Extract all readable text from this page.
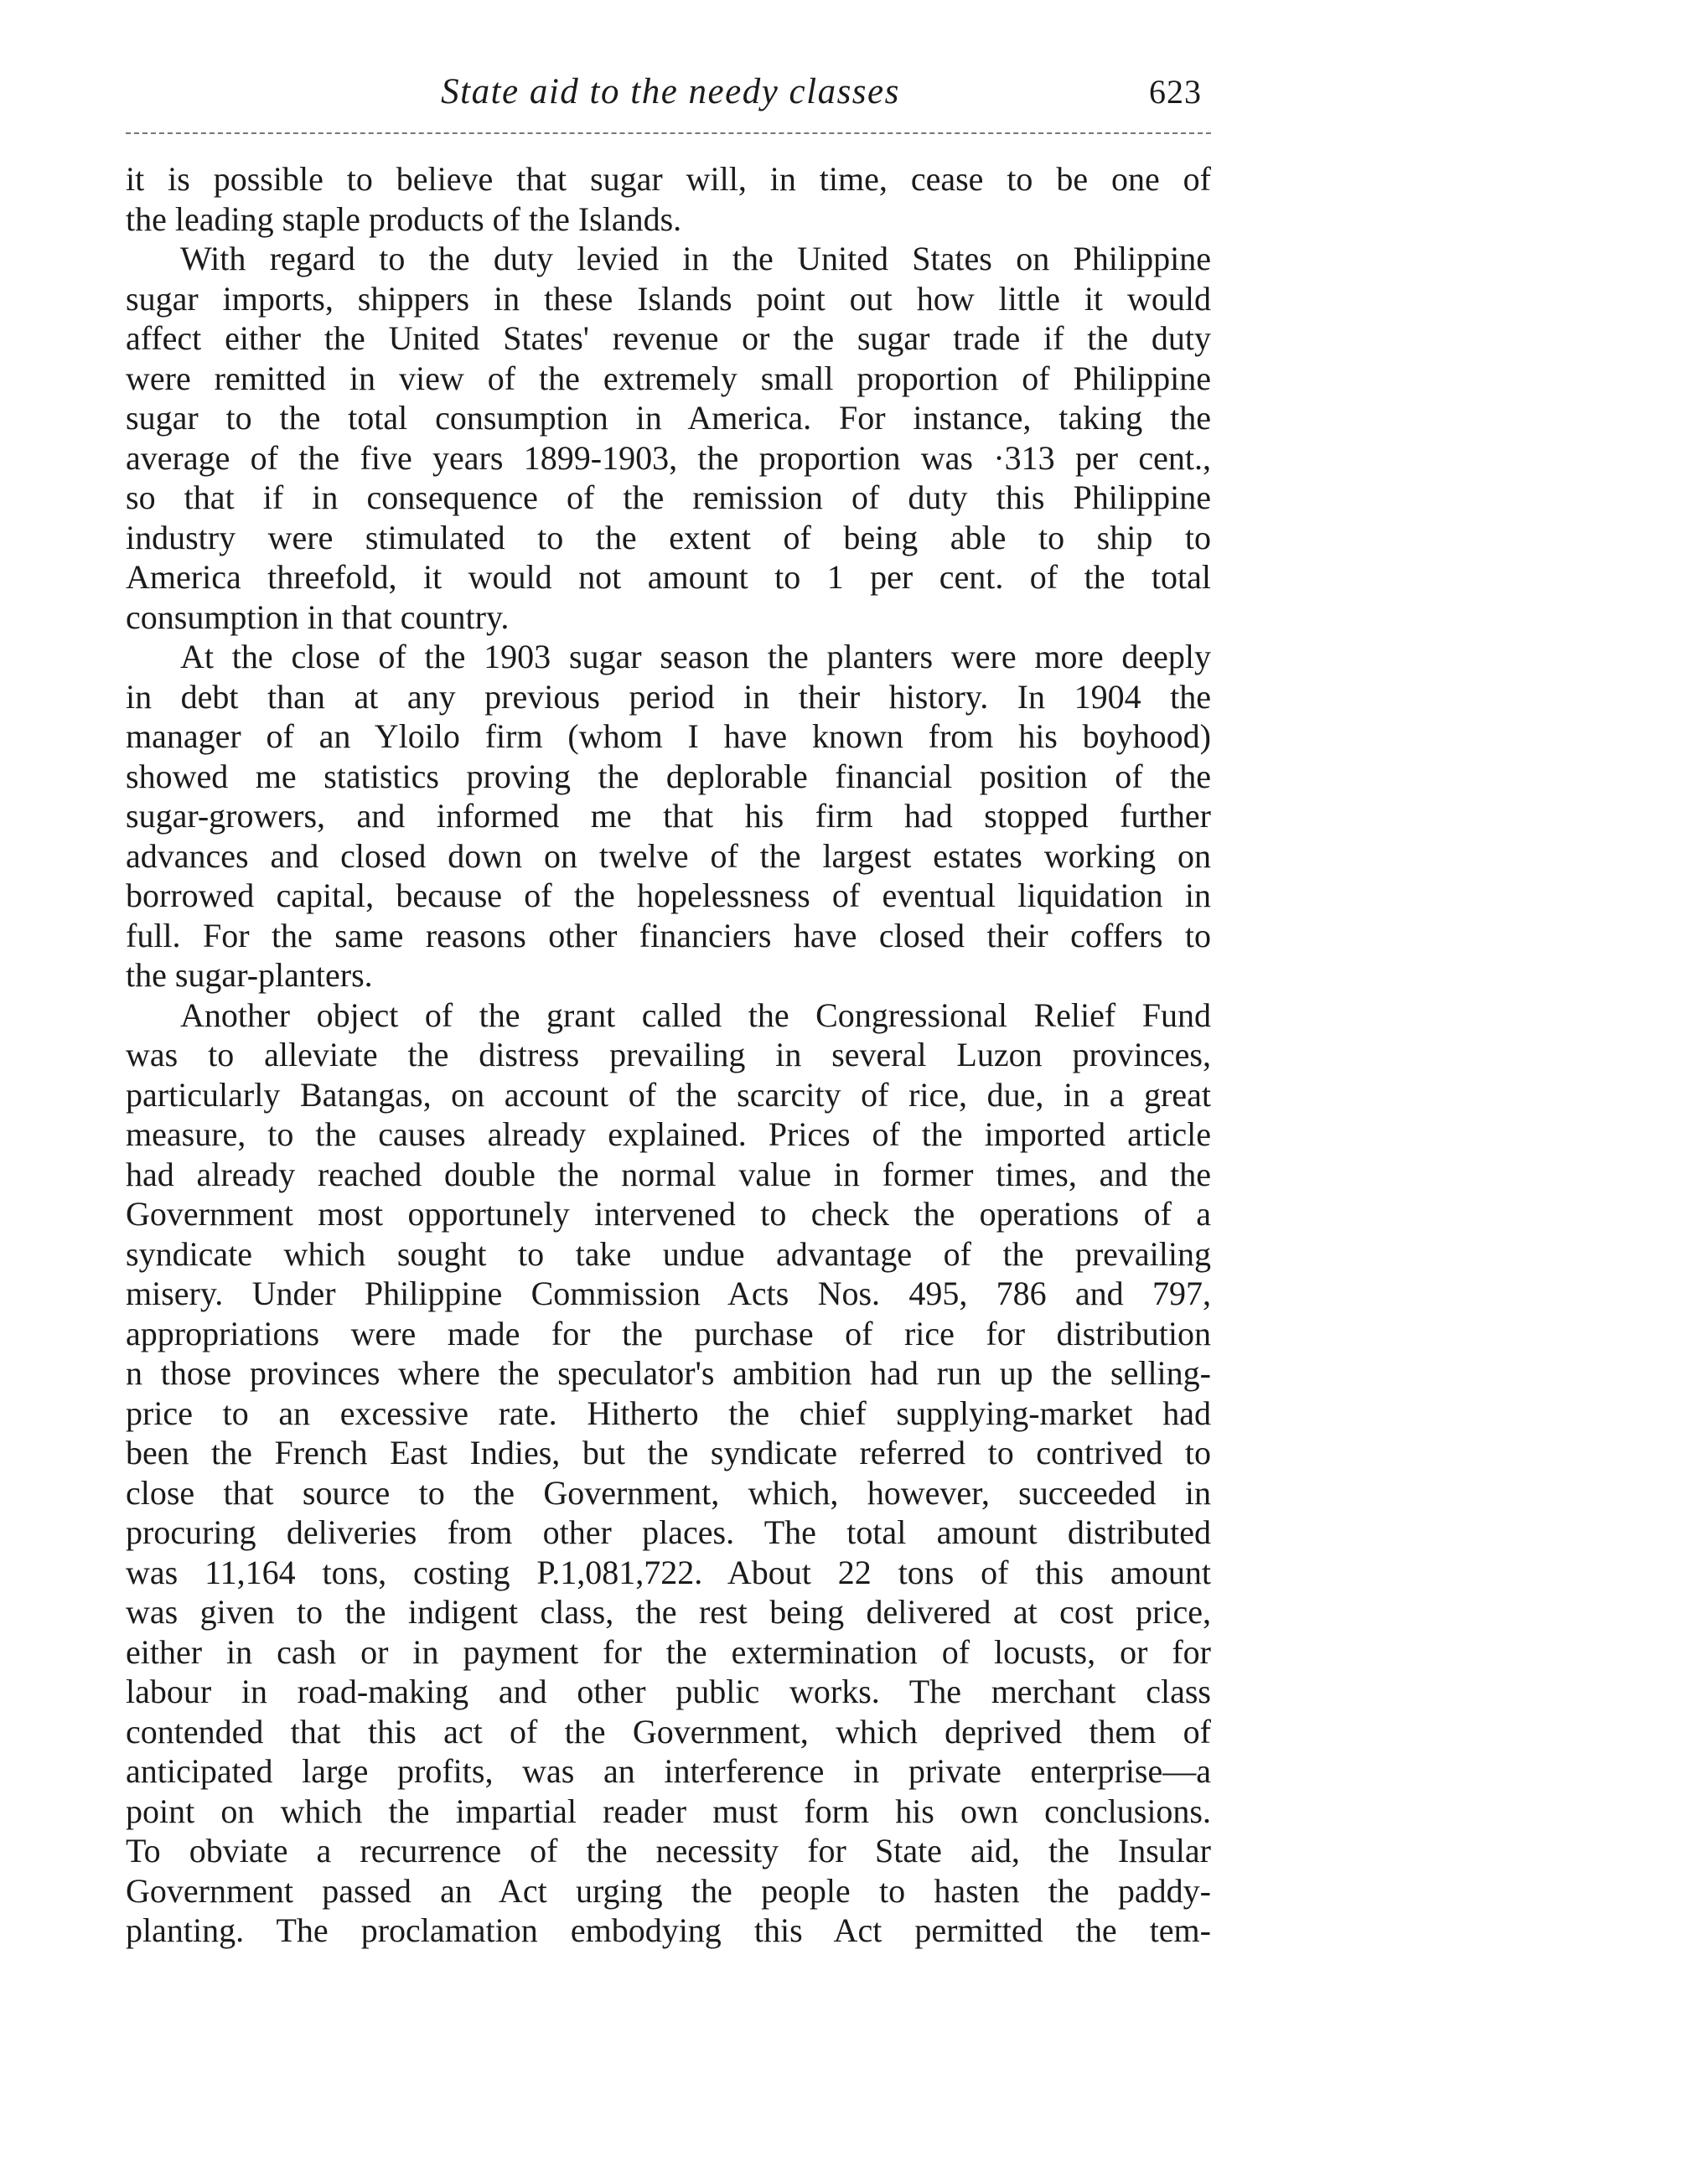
State aid to the needy classes	623
it is possible to believe that sugar will, in time, cease to be one of
the leading staple products of the Islands.
With regard to the duty levied in the United States on Philippine
sugar imports, shippers in these Islands point out how little it would
affect either the United States' revenue or the sugar trade if the duty
were remitted in view of the extremely small proportion of Philippine
sugar to the total consumption in America. For instance, taking the
average of the five years 1899-1903, the proportion was ·313 per cent.,
so that if in consequence of the remission of duty this Philippine
industry were stimulated to the extent of being able to ship to
America threefold, it would not amount to 1 per cent. of the total
consumption in that country.
At the close of the 1903 sugar season the planters were more deeply
in debt than at any previous period in their history. In 1904 the
manager of an Yloilo firm (whom I have known from his boyhood)
showed me statistics proving the deplorable financial position of the
sugar-growers, and informed me that his firm had stopped further
advances and closed down on twelve of the largest estates working on
borrowed capital, because of the hopelessness of eventual liquidation in
full. For the same reasons other financiers have closed their coffers to
the sugar-planters.
Another object of the grant called the Congressional Relief Fund
was to alleviate the distress prevailing in several Luzon provinces,
particularly Batangas, on account of the scarcity of rice, due, in a great
measure, to the causes already explained. Prices of the imported article
had already reached double the normal value in former times, and the
Government most opportunely intervened to check the operations of a
syndicate which sought to take undue advantage of the prevailing
misery. Under Philippine Commission Acts Nos. 495, 786 and 797,
appropriations were made for the purchase of rice for distribution
n those provinces where the speculator's ambition had run up the selling-
price to an excessive rate. Hitherto the chief supplying-market had
been the French East Indies, but the syndicate referred to contrived to
close that source to the Government, which, however, succeeded in
procuring deliveries from other places. The total amount distributed
was 11,164 tons, costing P.1,081,722. About 22 tons of this amount
was given to the indigent class, the rest being delivered at cost price,
either in cash or in payment for the extermination of locusts, or for
labour in road-making and other public works. The merchant class
contended that this act of the Government, which deprived them of
anticipated large profits, was an interference in private enterprise—a
point on which the impartial reader must form his own conclusions.
To obviate a recurrence of the necessity for State aid, the Insular
Government passed an Act urging the people to hasten the paddy-
planting. The proclamation embodying this Act permitted the tem-
